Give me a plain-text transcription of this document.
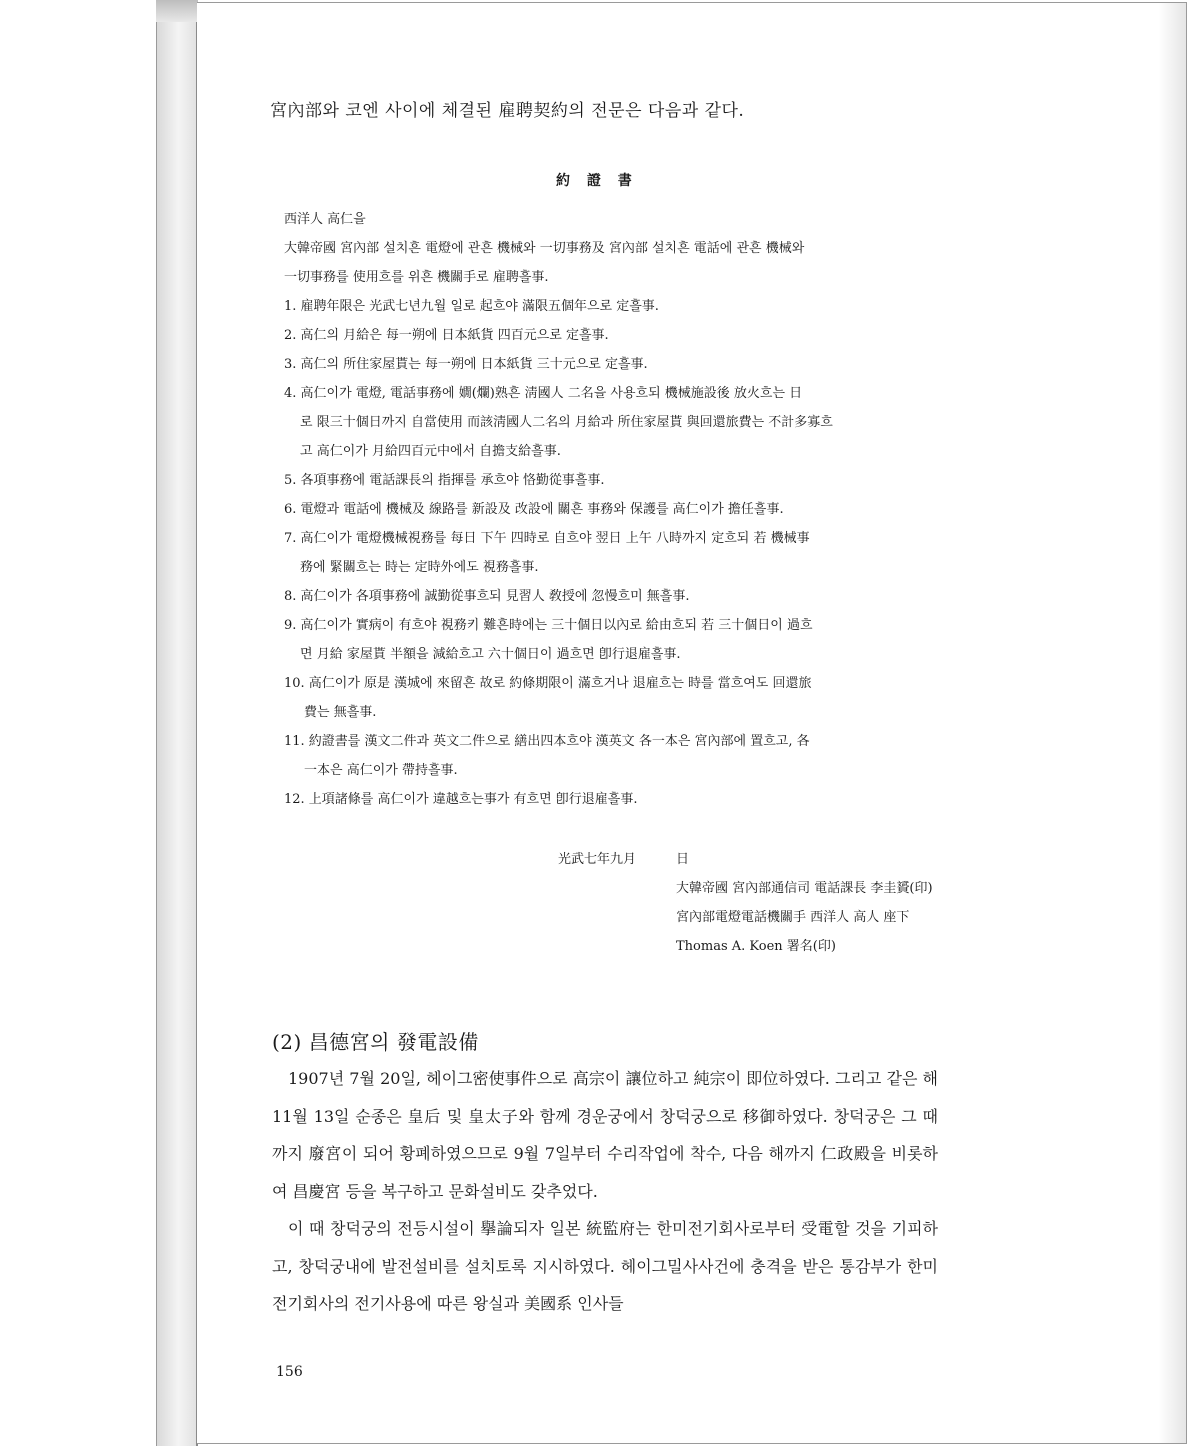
宮內部와 코엔 사이에 체결된 雇聘契約의 전문은 다음과 같다.
約 證 書
西洋人 高仁을
大韓帝國 宮內部 설치흔 電燈에 관흔 機械와 一切事務及 宮內部 설치흔 電話에 관흔 機械와
一切事務를 使用흐를 위흔 機關手로 雇聘흘事.
1. 雇聘年限은 光武七년九월 일로 起흐야 滿限五個年으로 定흘事.
2. 高仁의 月給은 每一朔에 日本紙貨 四百元으로 定흘事.
3. 高仁의 所住家屋貰는 每一朔에 日本紙貨 三十元으로 定흘事.
4. 高仁이가 電燈, 電話事務에 嫺(爛)熟흔 淸國人 二名을 사용흐되 機械施設後 放火흐는 日
로 限三十個日까지 自當使用 而該淸國人二名의 月給과 所住家屋貰 與回還旅費는 不計多寡흐
고 高仁이가 月給四百元中에서 自擔支給흘事.
5. 各項事務에 電話課長의 指揮를 承흐야 恪勤從事흘事.
6. 電燈과 電話에 機械及 線路를 新設及 改設에 關흔 事務와 保護를 高仁이가 擔任흘事.
7. 高仁이가 電燈機械視務를 每日 下午 四時로 自흐야 翌日 上午 八時까지 定흐되 若 機械事
務에 緊關흐는 時는 定時外에도 視務흘事.
8. 高仁이가 各項事務에 誠勤從事흐되 見習人 敎授에 忽慢흐미 無흘事.
9. 高仁이가 實病이 有흐야 視務키 難흔時에는 三十個日以內로 給由흐되 若 三十個日이 過흐
면 月給 家屋貰 半額을 減給흐고 六十個日이 過흐면 卽行退雇흘事.
10. 高仁이가 原是 漢城에 來留흔 故로 約條期限이 滿흐거나 退雇흐는 時를 當흐여도 回還旅
費는 無흘事.
11. 約證書를 漢文二件과 英文二件으로 繕出四本흐야 漢英文 各一本은 宮內部에 置흐고, 各
一本은 高仁이가 帶持흘事.
12. 上項諸條를 高仁이가 違越흐는事가 有흐면 卽行退雇흘事.
光武七年九月	日
大韓帝國 宮內部通信司 電話課長 李圭贇(印)
宮內部電燈電話機關手 西洋人 高人 座下
Thomas A. Koen 署名(印)
(2) 昌德宮의 發電設備

1907년 7월 20일, 헤이그密使事件으로 高宗이 讓位하고 純宗이 即位하였다. 그리고 같은 해 11월 13일 순종은 皇后 및 皇太子와 함께 경운궁에서 창덕궁으로 移御하였다. 창덕궁은 그 때까지 廢宮이 되어 황폐하였으므로 9월 7일부터 수리작업에 착수, 다음 해까지 仁政殿을 비롯하여 昌慶宮 등을 복구하고 문화설비도 갖추었다.

이 때 창덕궁의 전등시설이 擧論되자 일본 統監府는 한미전기회사로부터 受電할 것을 기피하고, 창덕궁내에 발전설비를 설치토록 지시하였다. 헤이그밀사사건에 충격을 받은 통감부가 한미전기회사의 전기사용에 따른 왕실과 美國系 인사들

156
